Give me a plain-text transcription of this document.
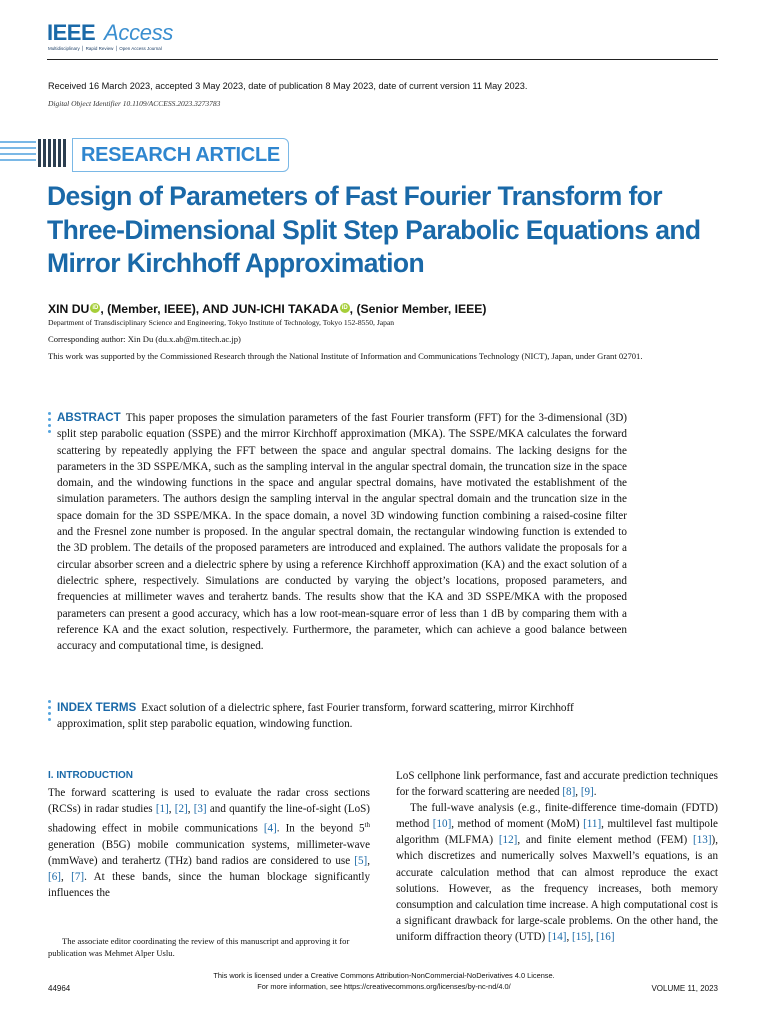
IEEE Access
Multidisciplinary ⎪ Rapid Review ⎪ Open Access Journal
Received 16 March 2023, accepted 3 May 2023, date of publication 8 May 2023, date of current version 11 May 2023.
Digital Object Identifier 10.1109/ACCESS.2023.3273783
RESEARCH ARTICLE
Design of Parameters of Fast Fourier Transform for Three-Dimensional Split Step Parabolic Equations and Mirror Kirchhoff Approximation
XIN DU iD , (Member, IEEE), AND JUN-ICHI TAKADA iD , (Senior Member, IEEE)
Department of Transdisciplinary Science and Engineering, Tokyo Institute of Technology, Tokyo 152-8550, Japan
Corresponding author: Xin Du (du.x.ab@m.titech.ac.jp)
This work was supported by the Commissioned Research through the National Institute of Information and Communications Technology (NICT), Japan, under Grant 02701.
ABSTRACT This paper proposes the simulation parameters of the fast Fourier transform (FFT) for the 3-dimensional (3D) split step parabolic equation (SSPE) and the mirror Kirchhoff approximation (MKA). The SSPE/MKA calculates the forward scattering by repeatedly applying the FFT between the space and angular spectral domains. The lacking designs for the parameters in the 3D SSPE/MKA, such as the sampling interval in the angular spectral domain, the truncation size in the space domain, and the windowing functions in the space and angular spectral domains, have motivated the establishment of the simulation parameters. The authors design the sampling interval in the angular spectral domain and the truncation size in the space domain for the 3D SSPE/MKA. In the space domain, a novel 3D windowing function combining a raised-cosine filter and the Fresnel zone number is proposed. In the angular spectral domain, the rectangular windowing function is extended to the 3D problem. The details of the proposed parameters are introduced and explained. The authors validate the proposals for a circular absorber screen and a dielectric sphere by using a reference Kirchhoff approximation (KA) and the exact solution of a dielectric sphere, respectively. Simulations are conducted by varying the object’s locations, proposed parameters, and frequencies at millimeter waves and terahertz bands. The results show that the KA and 3D SSPE/MKA with the proposed parameters can present a good accuracy, which has a low root-mean-square error of less than 1 dB by comparing them with a reference KA and the exact solution, respectively. Furthermore, the parameter, which can achieve a good balance between accuracy and computational time, is designed.
INDEX TERMS Exact solution of a dielectric sphere, fast Fourier transform, forward scattering, mirror Kirchhoff approximation, split step parabolic equation, windowing function.
I. INTRODUCTION
The forward scattering is used to evaluate the radar cross sections (RCSs) in radar studies [1], [2], [3] and quantify the line-of-sight (LoS) shadowing effect in mobile communications [4]. In the beyond 5th generation (B5G) mobile communication systems, millimeter-wave (mmWave) and terahertz (THz) band radios are considered to use [5], [6], [7]. At these bands, since the human blockage significantly influences the
The associate editor coordinating the review of this manuscript and approving it for publication was Mehmet Alper Uslu.
LoS cellphone link performance, fast and accurate prediction techniques for the forward scattering are needed [8], [9].
The full-wave analysis (e.g., finite-difference time-domain (FDTD) method [10], method of moment (MoM) [11], multilevel fast multipole algorithm (MLFMA) [12], and finite element method (FEM) [13]), which discretizes and numerically solves Maxwell’s equations, is an accurate calculation method that can almost reproduce the exact solutions. However, as the frequency increases, both memory consumption and calculation time increase. A high computational cost is a significant drawback for large-scale problems. On the other hand, the uniform diffraction theory (UTD) [14], [15], [16]
This work is licensed under a Creative Commons Attribution-NonCommercial-NoDerivatives 4.0 License.
For more information, see https://creativecommons.org/licenses/by-nc-nd/4.0/
44964	VOLUME 11, 2023
